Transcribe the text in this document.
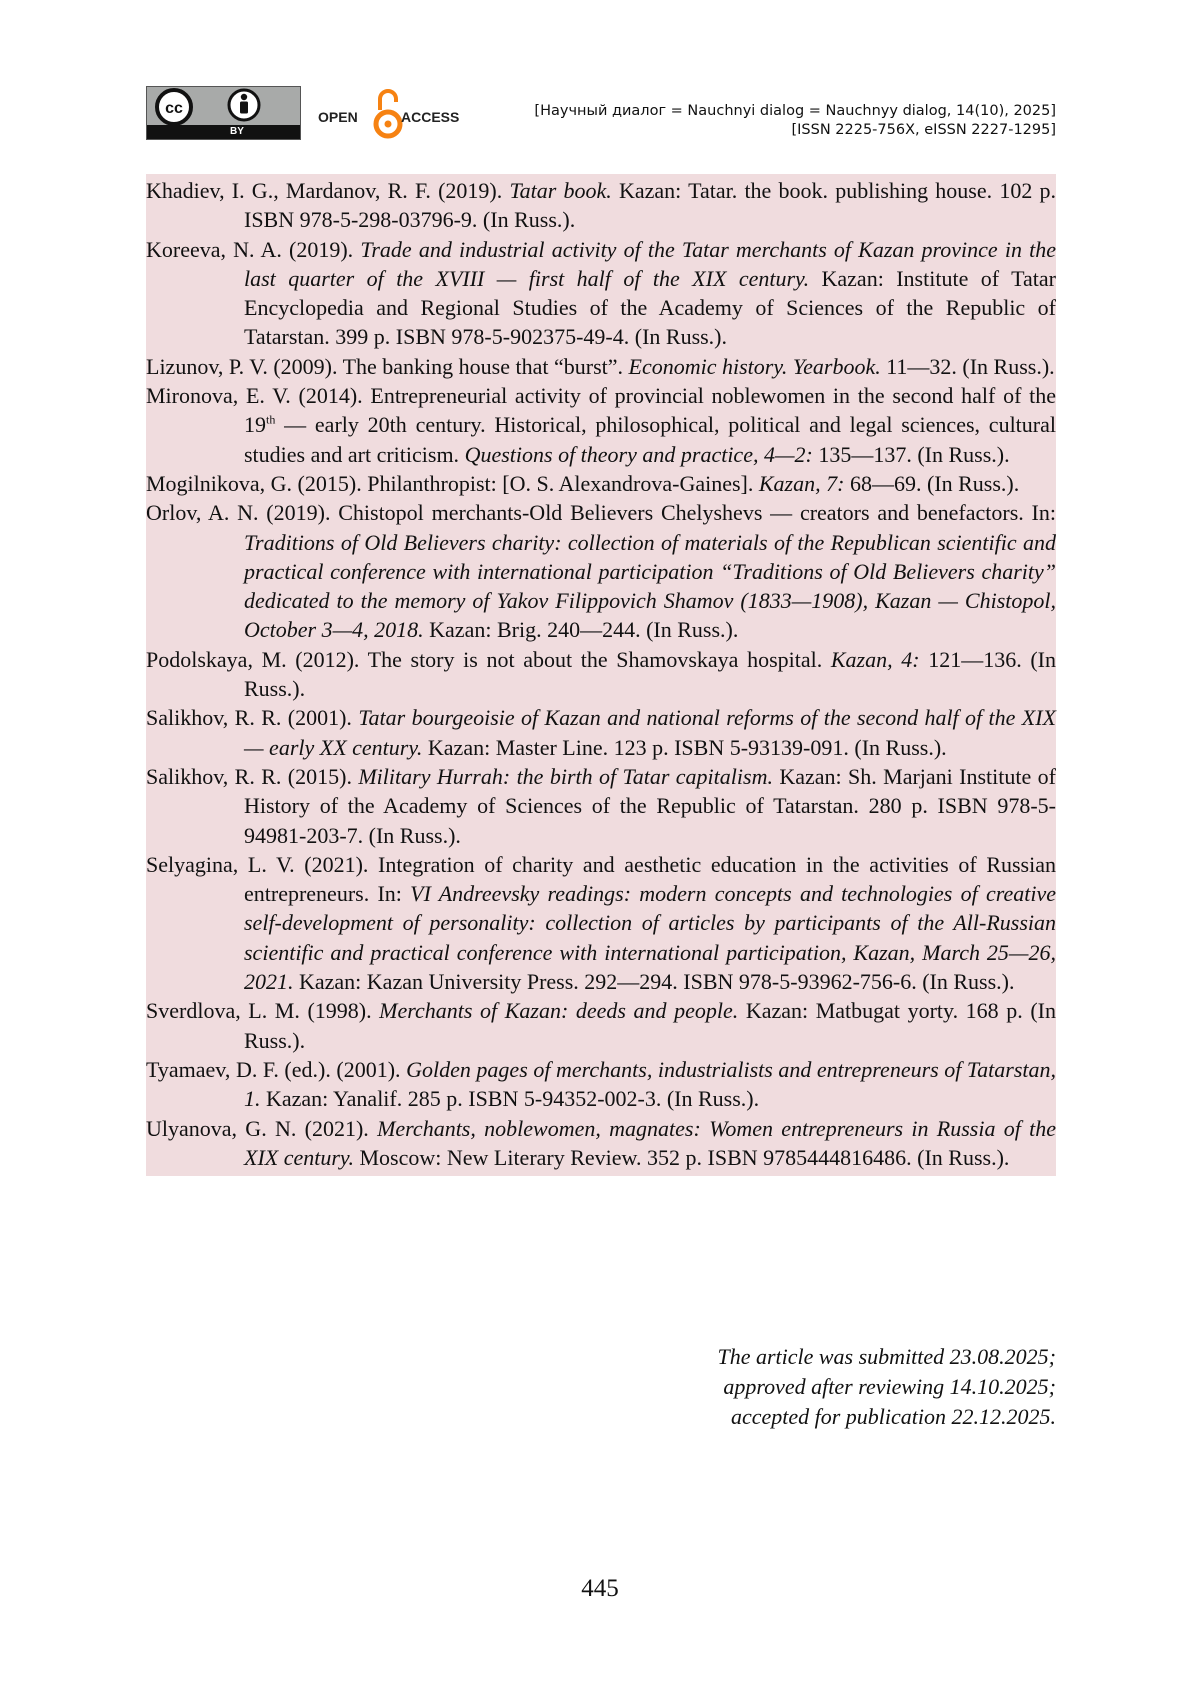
cc
BY
OPEN	ACCESS	[Научный диалог = Nauchnyi dialog = Nauchnyy dialog, 14(10), 2025]
[ISSN 2225-756X, eISSN 2227-1295]
Khadiev, I. G., Mardanov, R. F. (2019). Tatar book. Kazan: Tatar. the book. publishing house. 102 p. ISBN 978-5-298-03796-9. (In Russ.).
Koreeva, N. A. (2019). Trade and industrial activity of the Tatar merchants of Kazan province in the last quarter of the XVIII — first half of the XIX century. Kazan: Institute of Tatar Encyclopedia and Regional Studies of the Academy of Sciences of the Republic of Tatarstan. 399 p. ISBN 978-5-902375-49-4. (In Russ.).
Lizunov, P. V. (2009). The banking house that “burst”. Economic history. Yearbook. 11—32. (In Russ.).
Mironova, E. V. (2014). Entrepreneurial activity of provincial noblewomen in the second half of the 19th — early 20th century. Historical, philosophical, political and legal sciences, cultural studies and art criticism. Questions of theory and practice, 4—2: 135—137. (In Russ.).
Mogilnikova, G. (2015). Philanthropist: [O. S. Alexandrova-Gaines]. Kazan, 7: 68—69. (In Russ.).
Orlov, A. N. (2019). Chistopol merchants-Old Believers Chelyshevs — creators and benefactors. In: Traditions of Old Believers charity: collection of materials of the Republican scientific and practical conference with international participation “Traditions of Old Believers charity” dedicated to the memory of Yakov Filippovich Shamov (1833—1908), Kazan — Chistopol, October 3—4, 2018. Kazan: Brig. 240—244. (In Russ.).
Podolskaya, M. (2012). The story is not about the Shamovskaya hospital. Kazan, 4: 121—136. (In Russ.).
Salikhov, R. R. (2001). Tatar bourgeoisie of Kazan and national reforms of the second half of the XIX — early XX century. Kazan: Master Line. 123 p. ISBN 5-93139-091. (In Russ.).
Salikhov, R. R. (2015). Military Hurrah: the birth of Tatar capitalism. Kazan: Sh. Marjani Institute of History of the Academy of Sciences of the Republic of Tatarstan. 280 p. ISBN 978-5-94981-203-7. (In Russ.).
Selyagina, L. V. (2021). Integration of charity and aesthetic education in the activities of Russian entrepreneurs. In: VI Andreevsky readings: modern concepts and technologies of creative self-development of personality: collection of articles by participants of the All-Russian scientific and practical conference with international participation, Kazan, March 25—26, 2021. Kazan: Kazan University Press. 292—294. ISBN 978-5-93962-756-6. (In Russ.).
Sverdlova, L. M. (1998). Merchants of Kazan: deeds and people. Kazan: Matbugat yorty. 168 p. (In Russ.).
Tyamaev, D. F. (ed.). (2001). Golden pages of merchants, industrialists and entrepreneurs of Tatarstan, 1. Kazan: Yanalif. 285 p. ISBN 5-94352-002-3. (In Russ.).
Ulyanova, G. N. (2021). Merchants, noblewomen, magnates: Women entrepreneurs in Russia of the XIX century. Moscow: New Literary Review. 352 p. ISBN 9785444816486. (In Russ.).
The article was submitted 23.08.2025;
approved after reviewing 14.10.2025;
accepted for publication 22.12.2025.
445
